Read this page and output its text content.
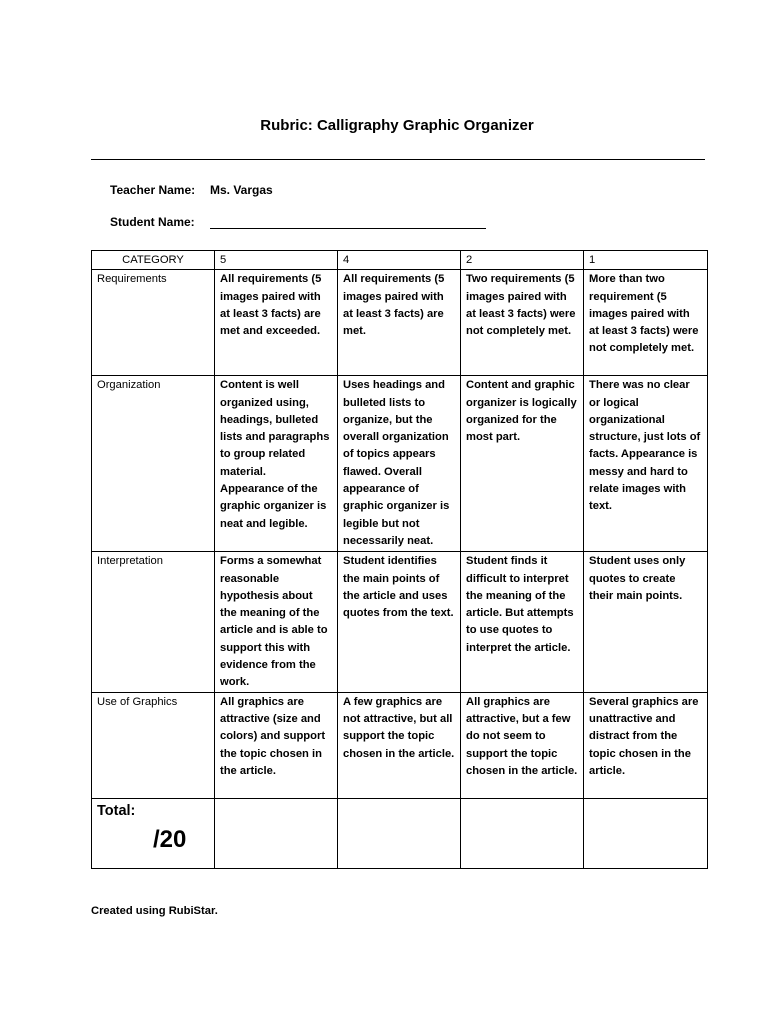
Rubric: Calligraphy Graphic Organizer
Teacher Name: Ms. Vargas
Student Name:
CATEGORY	5	4	2	1
Requirements	All requirements (5 images paired with at least 3 facts) are met and exceeded.	All requirements (5 images paired with at least 3 facts) are met.	Two requirements (5 images paired with at least 3 facts) were not completely met.	More than two requirement (5 images paired with at least 3 facts) were not completely met.
Organization	Content is well organized using, headings, bulleted lists and paragraphs to group related material. Appearance of the graphic organizer is neat and legible.	Uses headings and bulleted lists to organize, but the overall organization of topics appears flawed. Overall appearance of graphic organizer is legible but not necessarily neat.	Content and graphic organizer is logically organized for the most part.	There was no clear or logical organizational structure, just lots of facts. Appearance is messy and hard to relate images with text.
Interpretation	Forms a somewhat reasonable hypothesis about the meaning of the article and is able to support this with evidence from the work.	Student identifies the main points of the article and uses quotes from the text.	Student finds it difficult to interpret the meaning of the article. But attempts to use quotes to interpret the article.	Student uses only quotes to create their main points.
Use of Graphics	All graphics are attractive (size and colors) and support the topic chosen in the article.	A few graphics are not attractive, but all support the topic chosen in the article.	All graphics are attractive, but a few do not seem to support the topic chosen in the article.	Several graphics are unattractive and distract from the topic chosen in the article.

Total:
/20				

Created using RubiStar.
